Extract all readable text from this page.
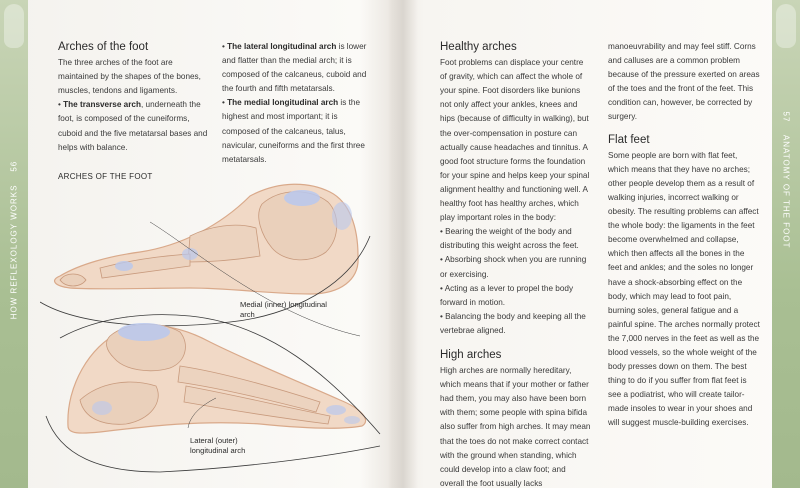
HOW REFLEXOLOGY WORKS    56
57    ANATOMY OF THE FOOT
Arches of the foot

The three arches of the foot are maintained by the shapes of the bones, muscles, tendons and ligaments.

• The transverse arch, underneath the foot, is composed of the cuneiforms, cuboid and the five metatarsal bases and helps with balance.

• The lateral longitudinal arch is lower and flatter than the medial arch; it is composed of the calcaneus, cuboid and the fourth and fifth metatarsals.

• The medial longitudinal arch is the highest and most important; it is composed of the calcaneus, talus, navicular, cuneiforms and the first three metatarsals.

ARCHES OF THE FOOT
Medial (inner) longitudinal arch
Lateral (outer) longitudinal arch
Healthy arches

Foot problems can displace your centre of gravity, which can affect the whole of your spine. Foot disorders like bunions not only affect your ankles, knees and hips (because of difficulty in walking), but the over-compensation in posture can actually cause headaches and tinnitus. A good foot structure forms the foundation for your spine and helps keep your spinal alignment healthy and functioning well. A healthy foot has healthy arches, which play important roles in the body:

• Bearing the weight of the body and distributing this weight across the feet.

• Absorbing shock when you are running or exercising.

• Acting as a lever to propel the body forward in motion.

• Balancing the body and keeping all the vertebrae aligned.

High arches

High arches are normally hereditary, which means that if your mother or father had them, you may also have been born with them; some people with spina bifida also suffer from high arches. It may mean that the toes do not make correct contact with the ground when standing, which could develop into a claw foot; and overall the foot usually lacks

manoeuvrability and may feel stiff. Corns and calluses are a common problem because of the pressure exerted on areas of the toes and the front of the feet. This condition can, however, be corrected by surgery.

Flat feet

Some people are born with flat feet, which means that they have no arches; other people develop them as a result of walking injuries, incorrect walking or obesity. The resulting problems can affect the whole body: the ligaments in the feet become overwhelmed and collapse, which then affects all the bones in the feet and ankles; and the soles no longer have a shock-absorbing effect on the body, which may lead to foot pain, burning soles, general fatigue and a painful spine. The arches normally protect the 7,000 nerves in the feet as well as the blood vessels, so the whole weight of the body presses down on them. The best thing to do if you suffer from flat feet is see a podiatrist, who will create tailor-made insoles to wear in your shoes and will suggest muscle-building exercises.
